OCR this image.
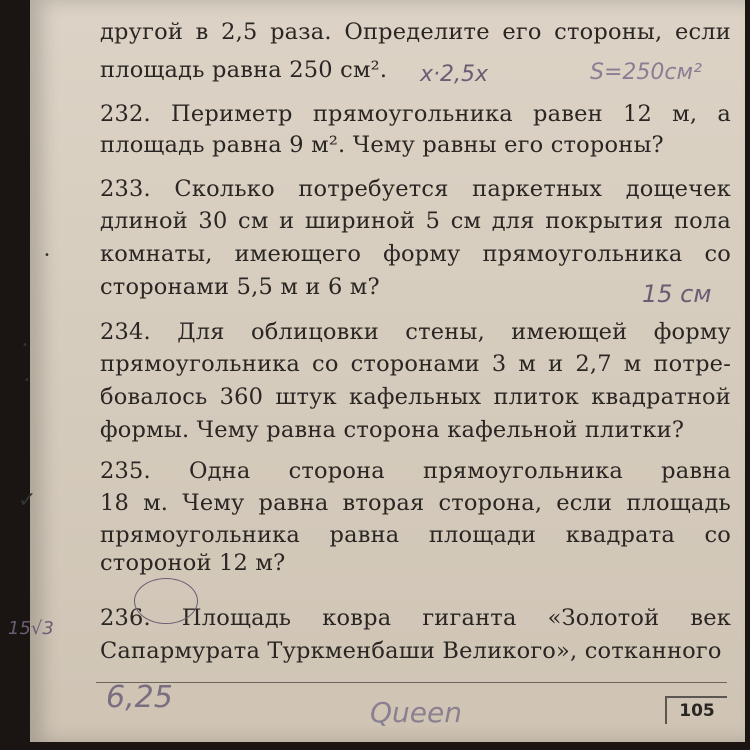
другой в 2,5 раза. Определите его стороны, если
площадь равна 250 см².
232. Периметр прямоугольника равен 12 м, а
площадь равна 9 м². Чему равны его стороны?
233. Сколько потребуется паркетных дощечек
длиной 30 см и шириной 5 см для покрытия пола
комнаты, имеющего форму прямоугольника со
сторонами 5,5 м и 6 м?
234. Для облицовки стены, имеющей форму
прямоугольника со сторонами 3 м и 2,7 м потре-
бовалось 360 штук кафельных плиток квадратной
формы. Чему равна сторона кафельной плитки?
235. Одна сторона прямоугольника равна
18 м. Чему равна вторая сторона, если площадь
прямоугольника равна площади квадрата со
стороной 12 м?
236. Площадь ковра гиганта «Золотой век
Сапармурата Туркменбаши Великого», сотканного
105
x·2,5x	S=250см²
15 см
15√3
6,25	Queen
✓
•
•
•
